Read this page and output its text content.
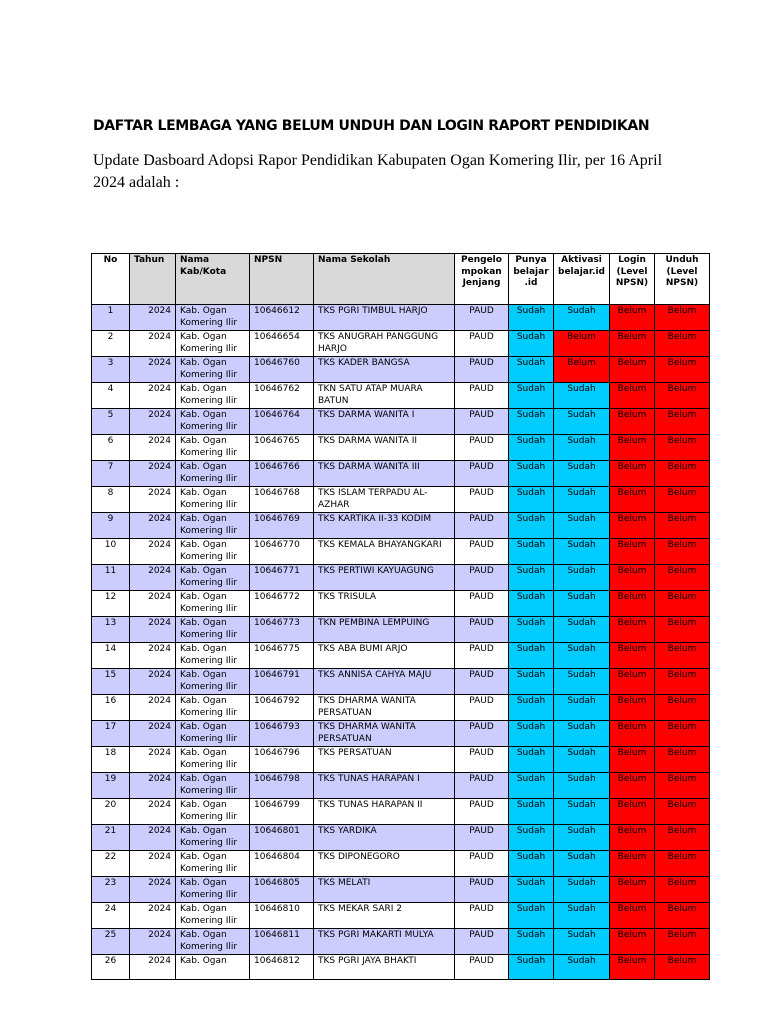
DAFTAR LEMBAGA YANG BELUM UNDUH DAN LOGIN RAPORT PENDIDIKAN

Update Dasboard Adopsi Rapor Pendidikan Kabupaten Ogan Komering Ilir, per 16 April 2024 adalah :

No	Tahun	Nama Kab/Kota	NPSN	Nama Sekolah	Pengelo mpokan Jenjang	Punya belajar .id	Aktivasi belajar.id	Login (Level NPSN)	Unduh (Level NPSN)
1	2024	Kab. Ogan Komering Ilir	10646612	TKS PGRI TIMBUL HARJO	PAUD	Sudah	Sudah	Belum	Belum
2	2024	Kab. Ogan Komering Ilir	10646654	TKS ANUGRAH PANGGUNG HARJO	PAUD	Sudah	Belum	Belum	Belum
3	2024	Kab. Ogan Komering Ilir	10646760	TKS KADER BANGSA	PAUD	Sudah	Belum	Belum	Belum
4	2024	Kab. Ogan Komering Ilir	10646762	TKN SATU ATAP MUARA BATUN	PAUD	Sudah	Sudah	Belum	Belum
5	2024	Kab. Ogan Komering Ilir	10646764	TKS DARMA WANITA I	PAUD	Sudah	Sudah	Belum	Belum
6	2024	Kab. Ogan Komering Ilir	10646765	TKS DARMA WANITA II	PAUD	Sudah	Sudah	Belum	Belum
7	2024	Kab. Ogan Komering Ilir	10646766	TKS DARMA WANITA III	PAUD	Sudah	Sudah	Belum	Belum
8	2024	Kab. Ogan Komering Ilir	10646768	TKS ISLAM TERPADU AL-AZHAR	PAUD	Sudah	Sudah	Belum	Belum
9	2024	Kab. Ogan Komering Ilir	10646769	TKS KARTIKA II-33 KODIM	PAUD	Sudah	Sudah	Belum	Belum
10	2024	Kab. Ogan Komering Ilir	10646770	TKS KEMALA BHAYANGKARI	PAUD	Sudah	Sudah	Belum	Belum
11	2024	Kab. Ogan Komering Ilir	10646771	TKS PERTIWI KAYUAGUNG	PAUD	Sudah	Sudah	Belum	Belum
12	2024	Kab. Ogan Komering Ilir	10646772	TKS TRISULA	PAUD	Sudah	Sudah	Belum	Belum
13	2024	Kab. Ogan Komering Ilir	10646773	TKN PEMBINA LEMPUING	PAUD	Sudah	Sudah	Belum	Belum
14	2024	Kab. Ogan Komering Ilir	10646775	TKS ABA BUMI ARJO	PAUD	Sudah	Sudah	Belum	Belum
15	2024	Kab. Ogan Komering Ilir	10646791	TKS ANNISA CAHYA MAJU	PAUD	Sudah	Sudah	Belum	Belum
16	2024	Kab. Ogan Komering Ilir	10646792	TKS DHARMA WANITA PERSATUAN	PAUD	Sudah	Sudah	Belum	Belum
17	2024	Kab. Ogan Komering Ilir	10646793	TKS DHARMA WANITA PERSATUAN	PAUD	Sudah	Sudah	Belum	Belum
18	2024	Kab. Ogan Komering Ilir	10646796	TKS PERSATUAN	PAUD	Sudah	Sudah	Belum	Belum
19	2024	Kab. Ogan Komering Ilir	10646798	TKS TUNAS HARAPAN I	PAUD	Sudah	Sudah	Belum	Belum
20	2024	Kab. Ogan Komering Ilir	10646799	TKS TUNAS HARAPAN II	PAUD	Sudah	Sudah	Belum	Belum
21	2024	Kab. Ogan Komering Ilir	10646801	TKS YARDIKA	PAUD	Sudah	Sudah	Belum	Belum
22	2024	Kab. Ogan Komering Ilir	10646804	TKS DIPONEGORO	PAUD	Sudah	Sudah	Belum	Belum
23	2024	Kab. Ogan Komering Ilir	10646805	TKS MELATI	PAUD	Sudah	Sudah	Belum	Belum
24	2024	Kab. Ogan Komering Ilir	10646810	TKS MEKAR SARI 2	PAUD	Sudah	Sudah	Belum	Belum
25	2024	Kab. Ogan Komering Ilir	10646811	TKS PGRI MAKARTI MULYA	PAUD	Sudah	Sudah	Belum	Belum
26	2024	Kab. Ogan	10646812	TKS PGRI JAYA BHAKTI	PAUD	Sudah	Sudah	Belum	Belum
